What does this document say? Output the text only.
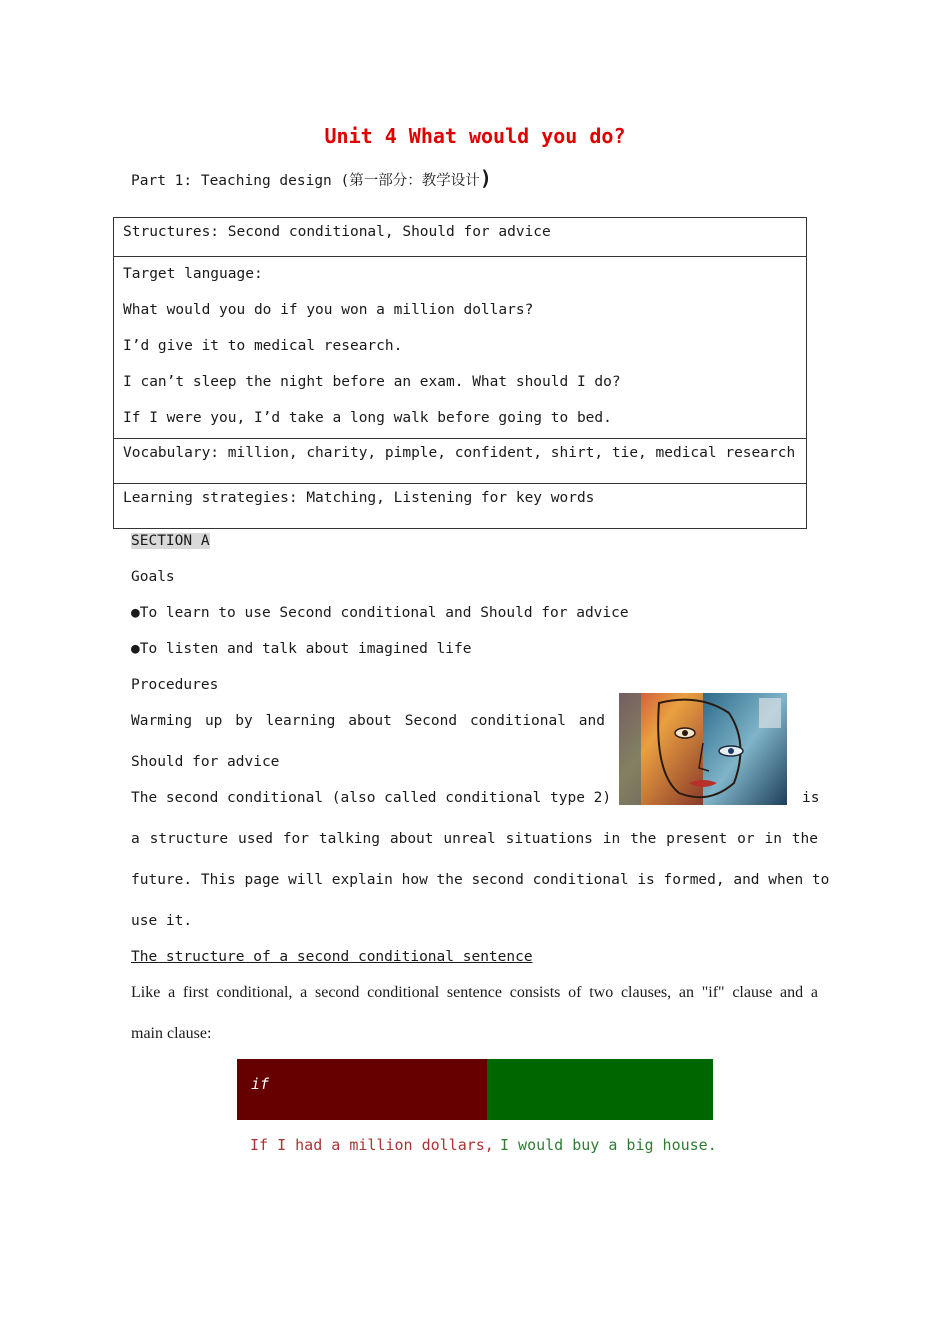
Unit 4 What would you do?
Part 1: Teaching design (第一部分：教学设计)
Structures: Second conditional, Should for advice
Target language:
What would you do if you won a million dollars?
I’d give it to medical research.
I can’t sleep the night before an exam. What should I do?
If I were you, I’d take a long walk before going to bed.
Vocabulary: million, charity, pimple, confident, shirt, tie, medical research
Learning strategies: Matching, Listening for key words
SECTION A
Goals
●To learn to use Second conditional and Should for advice
●To listen and talk about imagined life
Procedures
Warming up by learning about Second conditional and
Should for advice
The second conditional (also called conditional type 2)	is
a structure used for talking about unreal situations in the present or in the
future. This page will explain how the second conditional is formed, and when to
use it.
The structure of a second conditional sentence
Like a first conditional, a second conditional sentence consists of two clauses, an "if" clause and a
main clause:
if
If I had a million dollars, I would buy a big house.
